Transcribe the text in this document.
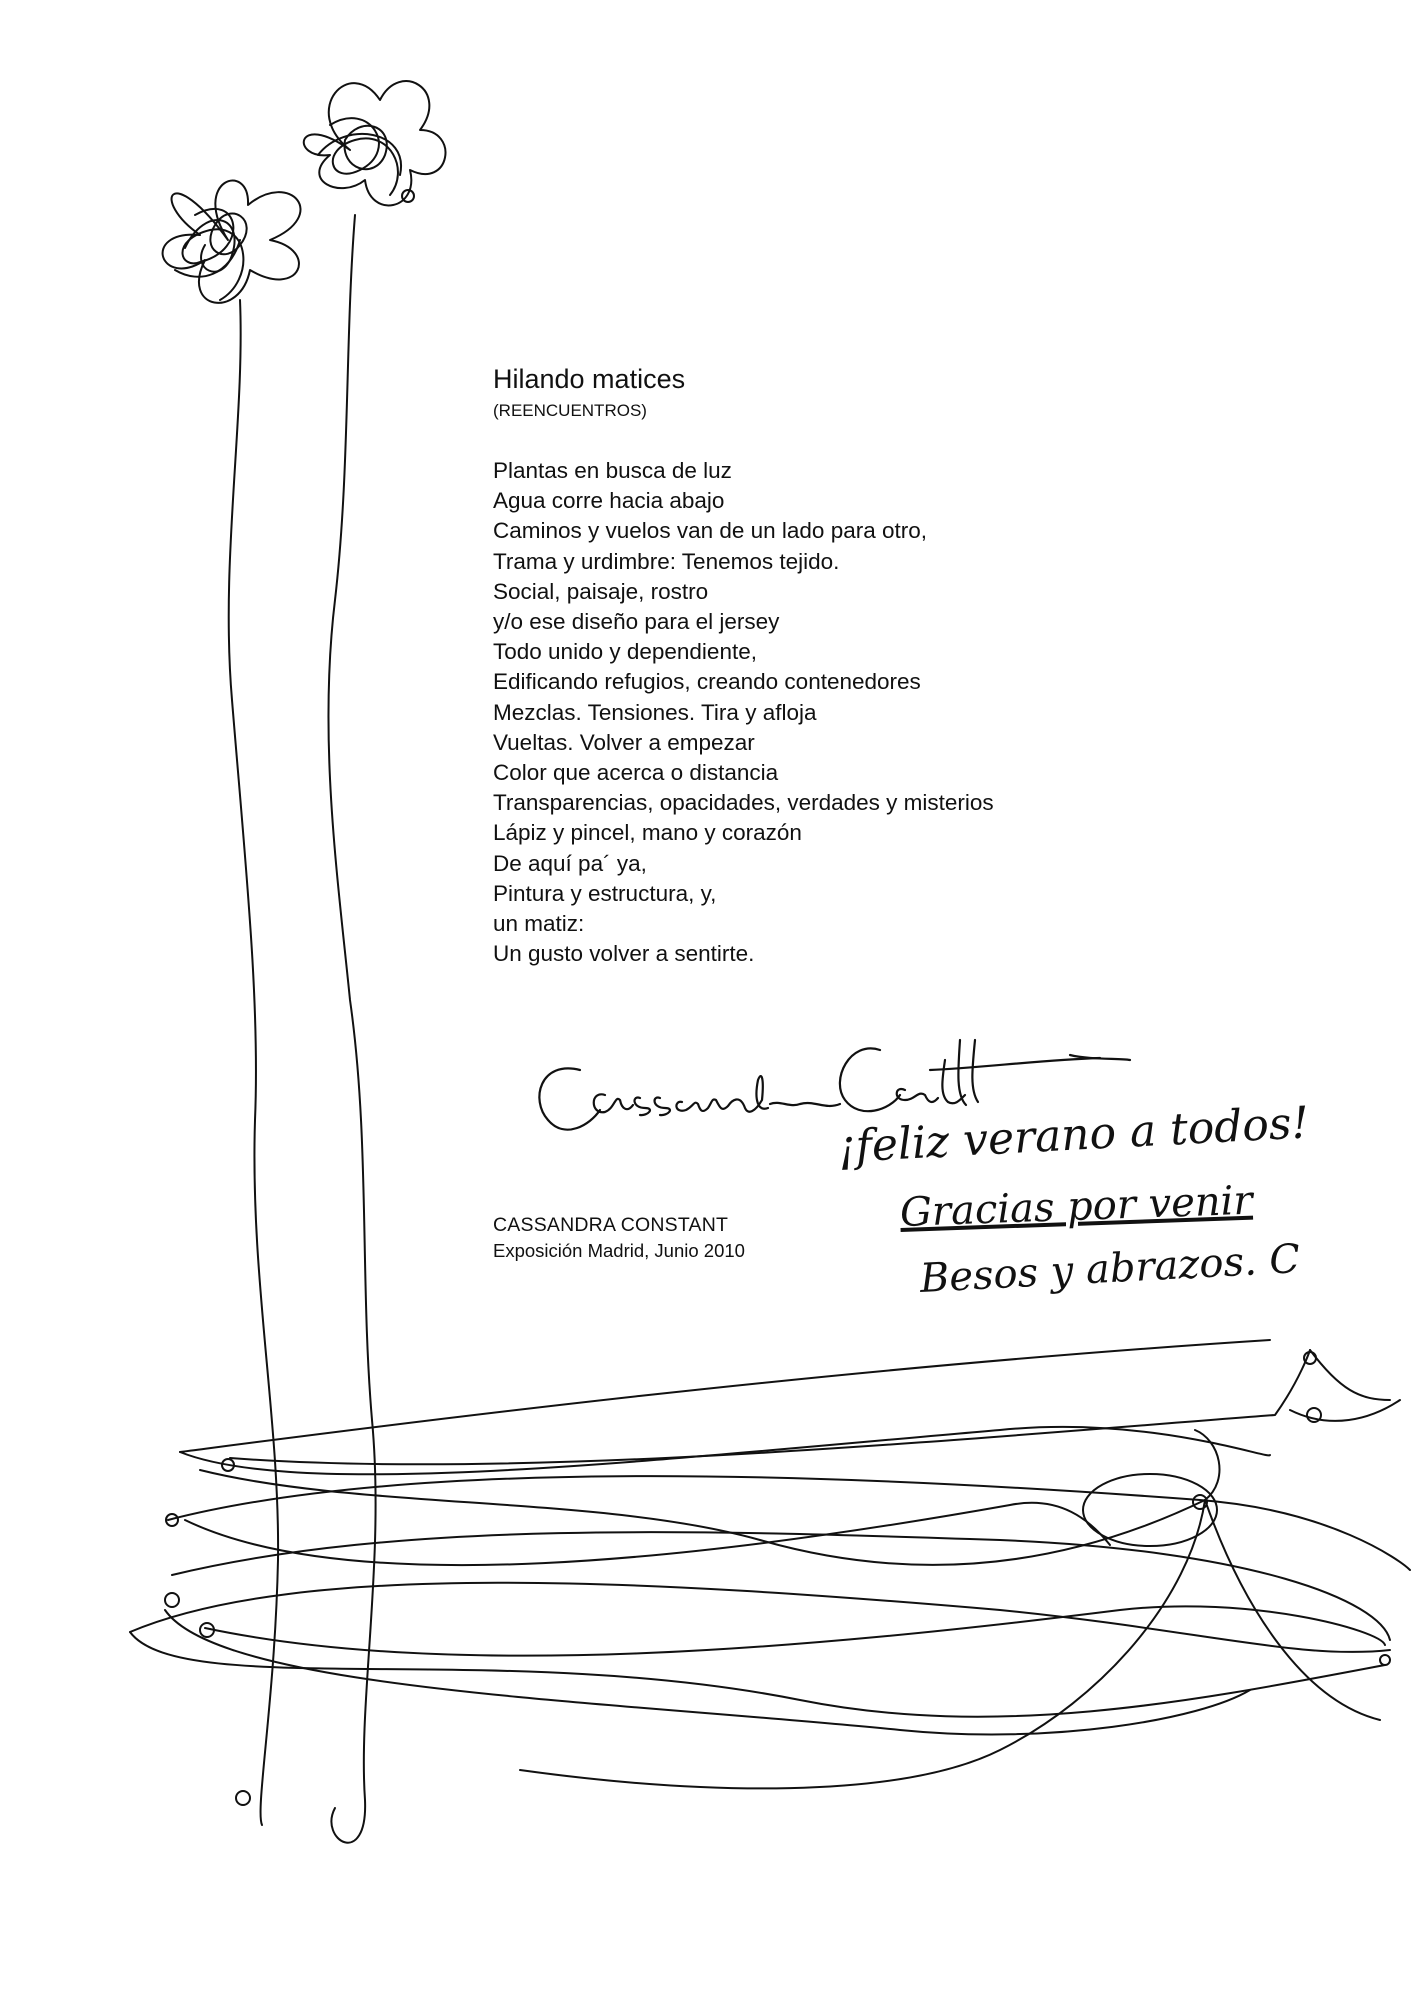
Hilando matices
(REENCUENTROS)
Plantas en busca de luz
Agua corre hacia abajo
Caminos y vuelos van de un lado para otro,
Trama y urdimbre: Tenemos tejido.
Social, paisaje, rostro
y/o ese diseño para el jersey
Todo unido y dependiente,
Edificando refugios, creando contenedores
Mezclas. Tensiones. Tira y afloja
Vueltas. Volver a empezar
Color que acerca o distancia
Transparencias, opacidades, verdades y misterios
Lápiz y pincel, mano y corazón
De aquí pa´ ya,
Pintura y estructura, y,
un matiz:
Un gusto volver a sentirte.
CASSANDRA CONSTANT
Exposición Madrid, Junio 2010
¡feliz verano a todos!
Gracias por venir
Besos y abrazos. C
